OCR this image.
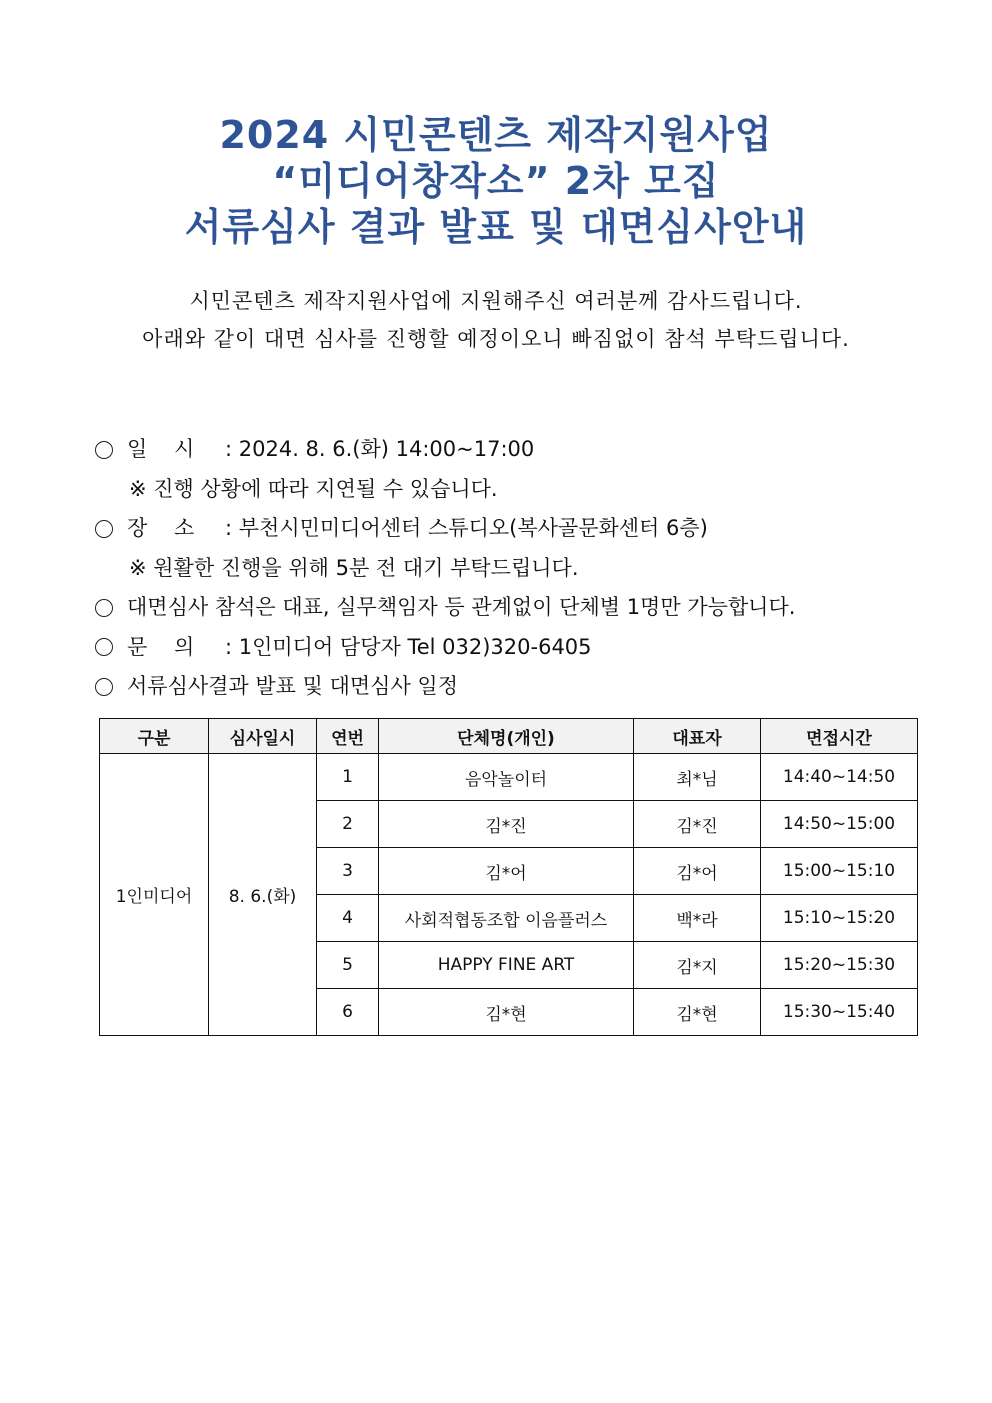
2024 시민콘텐츠 제작지원사업
“미디어창작소” 2차 모집
서류심사 결과 발표 및 대면심사안내
시민콘텐츠 제작지원사업에 지원해주신 여러분께 감사드립니다.
아래와 같이 대면 심사를 진행할 예정이오니 빠짐없이 참석 부탁드립니다.
일    시	: 2024. 8. 6.(화) 14:00~17:00
※ 진행 상황에 따라 지연될 수 있습니다.
장    소	: 부천시민미디어센터 스튜디오(복사골문화센터 6층)
※ 원활한 진행을 위해 5분 전 대기 부탁드립니다.
대면심사 참석은 대표, 실무책임자 등 관계없이 단체별 1명만 가능합니다.
문    의	: 1인미디어 담당자 Tel 032)320-6405
서류심사결과 발표 및 대면심사 일정
구분	심사일시	연번	단체명(개인)	대표자	면접시간
1인미디어	8. 6.(화)	1	음악놀이터	최*님	14:40~14:50
		2	김*진	김*진	14:50~15:00
		3	김*어	김*어	15:00~15:10
		4	사회적협동조합 이음플러스	백*라	15:10~15:20
		5	HAPPY FINE ART	김*지	15:20~15:30
		6	김*현	김*현	15:30~15:40
